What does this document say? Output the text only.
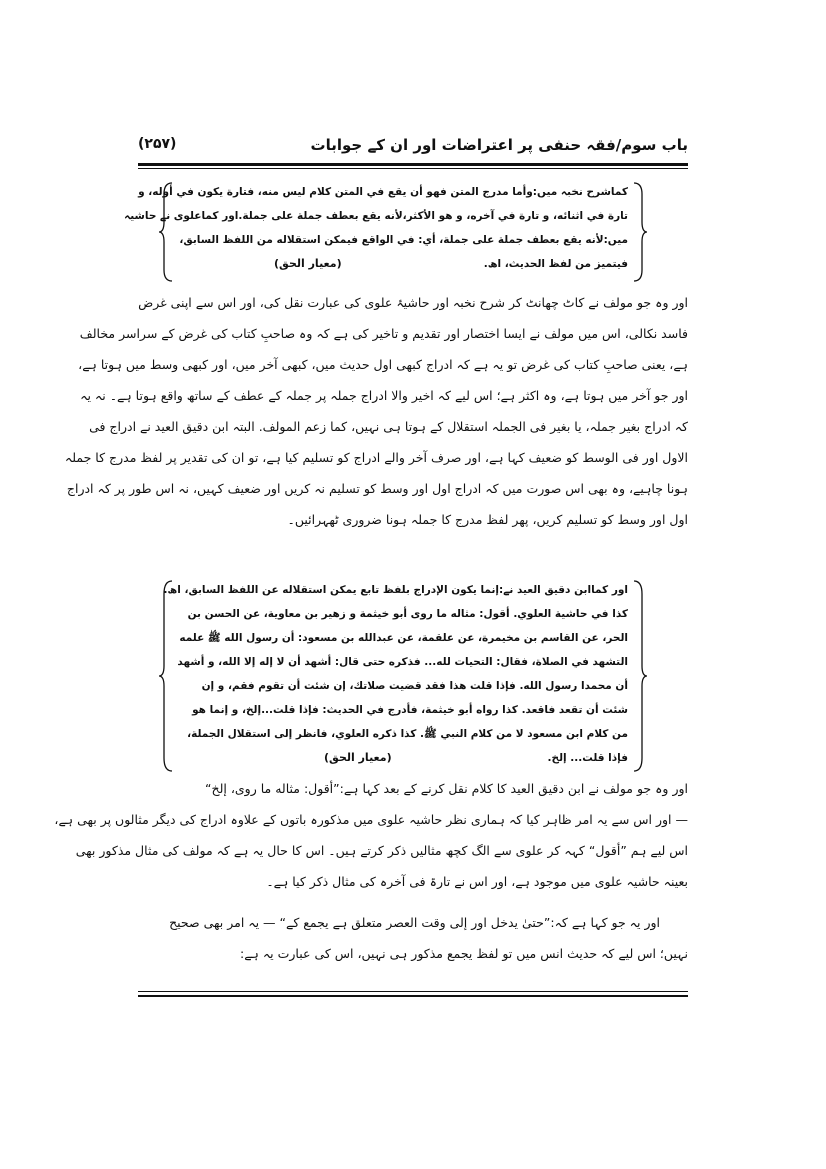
باب سوم/فقہ حنفی پر اعتراضات اور ان کے جوابات
(۲۵۷)
کماشرح نخبہ میں:وأما مدرج المتن فهو أن يقع في المتن كلام ليس منه، فتارة يكون في أوله، و
تارة في اثنائه، و تارة في آخره، و هو الأكثر،لأنه يقع بعطف جملة على جملة.اور کماعلوی نے حاشیہ
میں:لأنه يقع بعطف جملة على جملة، أي: في الواقع فيمكن استقلاله من اللفظ السابق،
فيتميز من لفظ الحديث، اھ.
(معیار الحق)
اور وہ جو مولف نے کاٹ چھانٹ کر شرح نخبہ اور حاشیۂ علوی کی عبارت نقل کی، اور اس سے اپنی غرض
فاسد نکالی، اس میں مولف نے ایسا اختصار اور تقدیم و تاخیر کی ہے کہ وہ صاحبِ کتاب کی غرض کے سراسر مخالف
ہے، یعنی صاحبِ کتاب کی غرض تو یہ ہے کہ ادراج کبھی اول حدیث میں، کبھی آخر میں، اور کبھی وسط میں ہوتا ہے،
اور جو آخر میں ہوتا ہے، وہ اکثر ہے؛ اس لیے کہ اخیر والا ادراج جملہ پر جملہ کے عطف کے ساتھ واقع ہوتا ہے۔ نہ یہ
کہ ادراج بغیر جملہ، یا بغیر فی الجملہ استقلال کے ہوتا ہی نہیں، کما زعم المولف. البتہ ابن دقیق العید نے ادراج فی
الاول اور فی الوسط کو ضعیف کہا ہے، اور صرف آخر والے ادراج کو تسلیم کیا ہے، تو ان کی تقدیر پر لفظ مدرج کا جملہ
ہونا چاہیے، وہ بھی اس صورت میں کہ ادراج اول اور وسط کو تسلیم نہ کریں اور ضعیف کہیں، نہ اس طور پر کہ ادراج
اول اور وسط کو تسلیم کریں، پھر لفظ مدرج کا جملہ ہونا ضروری ٹھہرائیں۔
اور کماابن دقیق العید نے:إنما يكون الإدراج بلفظ تابع يمكن استقلاله عن اللفظ السابق، اھ.
كذا في حاشية العلوي. أقول: مثاله ما روى أبو خيثمة و زهير بن معاوية، عن الحسن بن
الحر، عن القاسم بن مخيمرة، عن علقمة، عن عبدالله بن مسعود: أن رسول الله ﷺ علمه
التشهد في الصلاة، فقال: التحيات لله... فذكره حتى قال: أشهد أن لا إله إلا الله، و أشهد
أن محمدا رسول الله. فإذا قلت هذا فقد قضيت صلاتك، إن شئت أن تقوم فقم، و إن
شئت أن تقعد فاقعد. كذا رواه أبو خيثمة، فأدرج في الحديث: فإذا قلت...إلخ، و إنما هو
من كلام ابن مسعود لا من كلام النبي ﷺ. كذا ذكره العلوي، فانظر إلى استقلال الجملة،
فإذا قلت... إلخ.
(معیار الحق)
اور وہ جو مولف نے ابن دقیق العید کا کلام نقل کرنے کے بعد کہا ہے:”أقول: مثاله ما روى، إلخ“
— اور اس سے یہ امر ظاہر کیا کہ ہماری نظر حاشیہ علوی میں مذکورہ باتوں کے علاوہ ادراج کی دیگر مثالوں پر بھی ہے،
اس لیے ہم ”أقول“ کہہ کر علوی سے الگ کچھ مثالیں ذکر کرتے ہیں۔ اس کا حال یہ ہے کہ مولف کی مثال مذکور بھی
بعینہ حاشیہ علوی میں موجود ہے، اور اس نے تارۃ فی آخرہ کی مثال ذکر کیا ہے۔
اور یہ جو کہا ہے کہ:”حتیٰ یدخل اور إلی وقت العصر متعلق ہے یجمع کے“ — یہ امر بھی صحیح
نہیں؛ اس لیے کہ حدیث انس میں تو لفظ یجمع مذکور ہی نہیں، اس کی عبارت یہ ہے:
